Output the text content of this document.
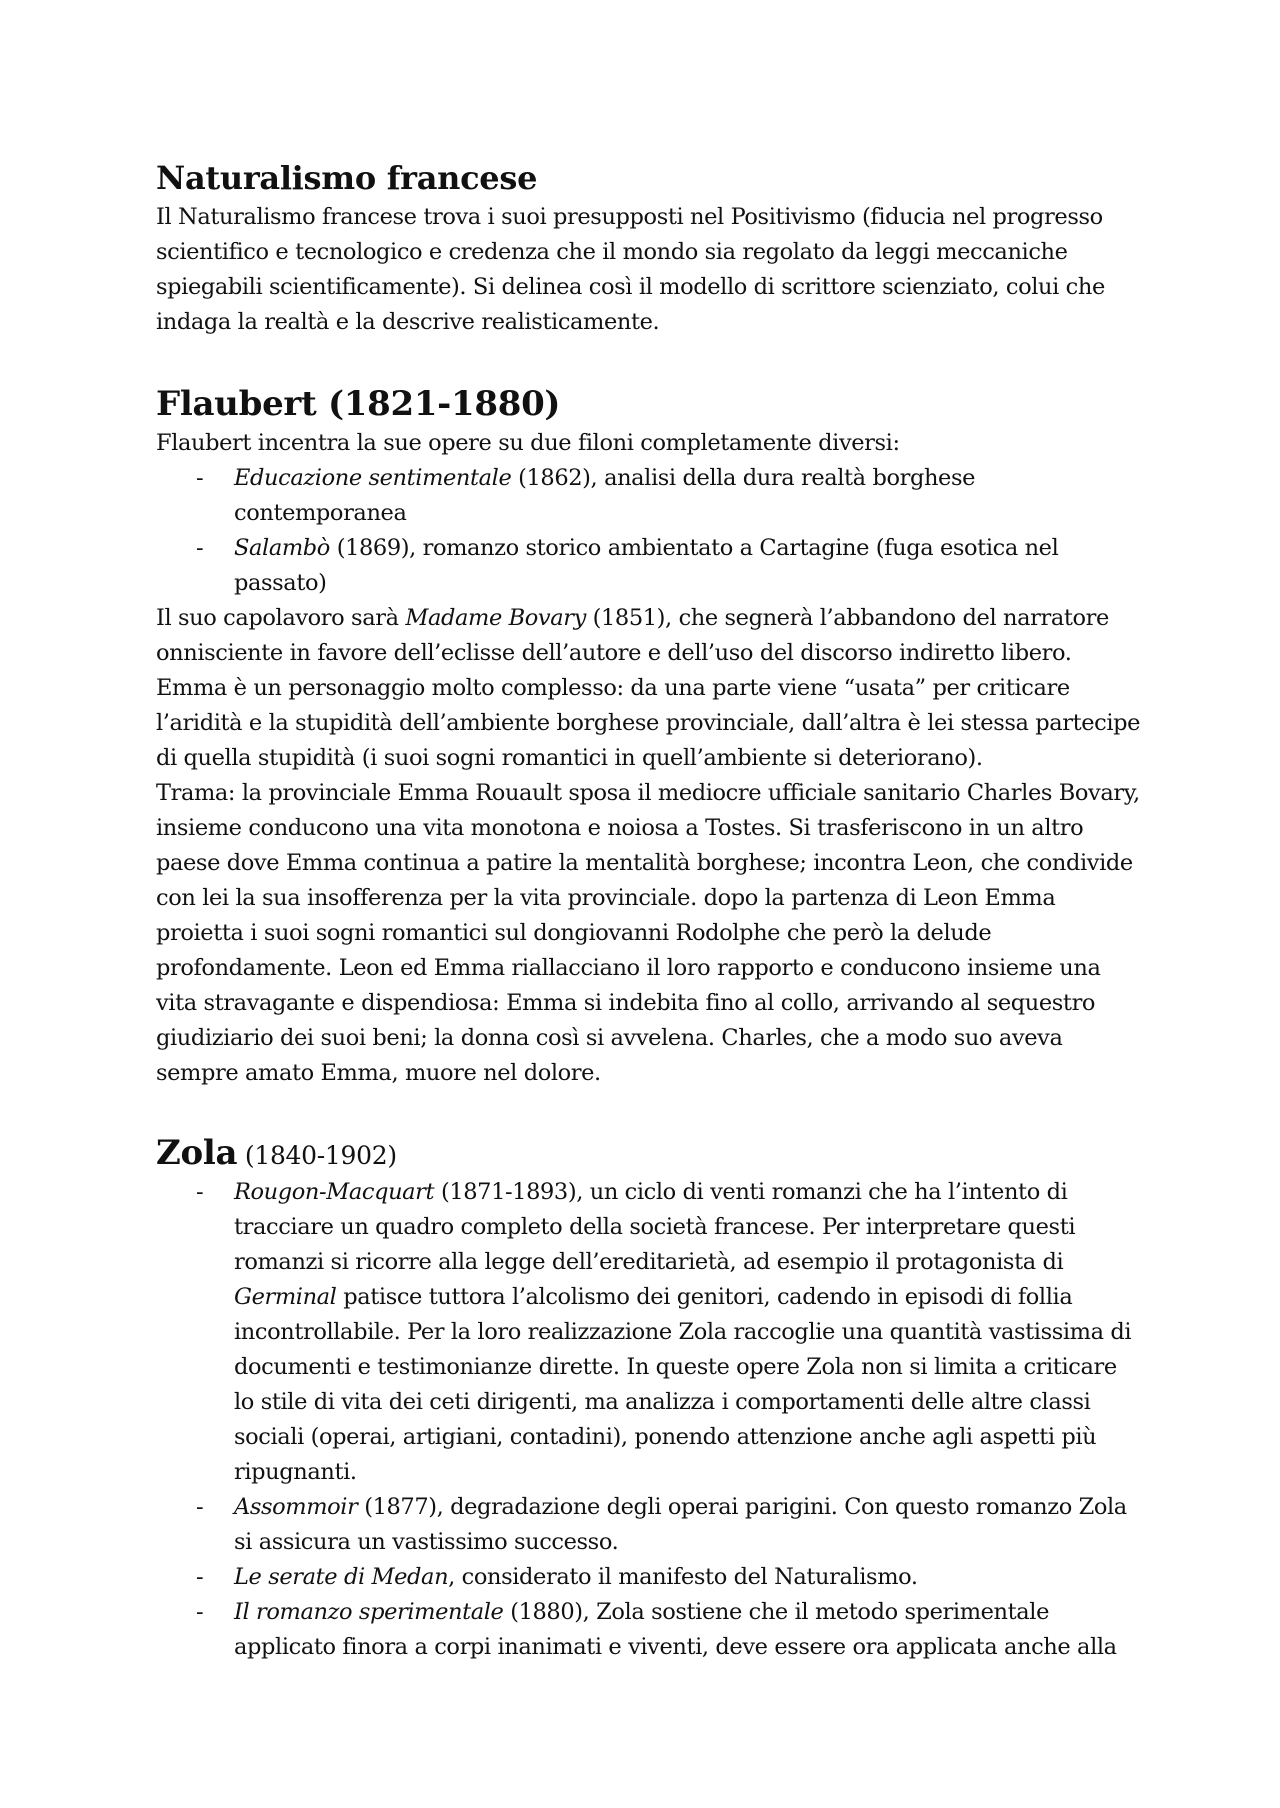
Naturalismo francese

Il Naturalismo francese trova i suoi presupposti nel Positivismo (fiducia nel progresso

scientifico e tecnologico e credenza che il mondo sia regolato da leggi meccaniche

spiegabili scientificamente). Si delinea così il modello di scrittore scienziato, colui che

indaga la realtà e la descrive realisticamente.

Flaubert (1821-1880)

Flaubert incentra la sue opere su due filoni completamente diversi:

- Educazione sentimentale (1862), analisi della dura realtà borghese

contemporanea

- Salambò (1869), romanzo storico ambientato a Cartagine (fuga esotica nel

passato)

Il suo capolavoro sarà Madame Bovary (1851), che segnerà l’abbandono del narratore

onnisciente in favore dell’eclisse dell’autore e dell’uso del discorso indiretto libero.

Emma è un personaggio molto complesso: da una parte viene “usata” per criticare

l’aridità e la stupidità dell’ambiente borghese provinciale, dall’altra è lei stessa partecipe

di quella stupidità (i suoi sogni romantici in quell’ambiente si deteriorano).

Trama: la provinciale Emma Rouault sposa il mediocre ufficiale sanitario Charles Bovary,

insieme conducono una vita monotona e noiosa a Tostes. Si trasferiscono in un altro

paese dove Emma continua a patire la mentalità borghese; incontra Leon, che condivide

con lei la sua insofferenza per la vita provinciale. dopo la partenza di Leon Emma

proietta i suoi sogni romantici sul dongiovanni Rodolphe che però la delude

profondamente. Leon ed Emma riallacciano il loro rapporto e conducono insieme una

vita stravagante e dispendiosa: Emma si indebita fino al collo, arrivando al sequestro

giudiziario dei suoi beni; la donna così si avvelena. Charles, che a modo suo aveva

sempre amato Emma, muore nel dolore.

Zola (1840-1902)
- Rougon-Macquart (1871-1893), un ciclo di venti romanzi che ha l’intento di

tracciare un quadro completo della società francese. Per interpretare questi

romanzi si ricorre alla legge dell’ereditarietà, ad esempio il protagonista di

Germinal patisce tuttora l’alcolismo dei genitori, cadendo in episodi di follia

incontrollabile. Per la loro realizzazione Zola raccoglie una quantità vastissima di

documenti e testimonianze dirette. In queste opere Zola non si limita a criticare

lo stile di vita dei ceti dirigenti, ma analizza i comportamenti delle altre classi

sociali (operai, artigiani, contadini), ponendo attenzione anche agli aspetti più

ripugnanti.

- Assommoir (1877), degradazione degli operai parigini. Con questo romanzo Zola

si assicura un vastissimo successo.

- Le serate di Medan, considerato il manifesto del Naturalismo.

- Il romanzo sperimentale (1880), Zola sostiene che il metodo sperimentale

applicato finora a corpi inanimati e viventi, deve essere ora applicata anche alla
